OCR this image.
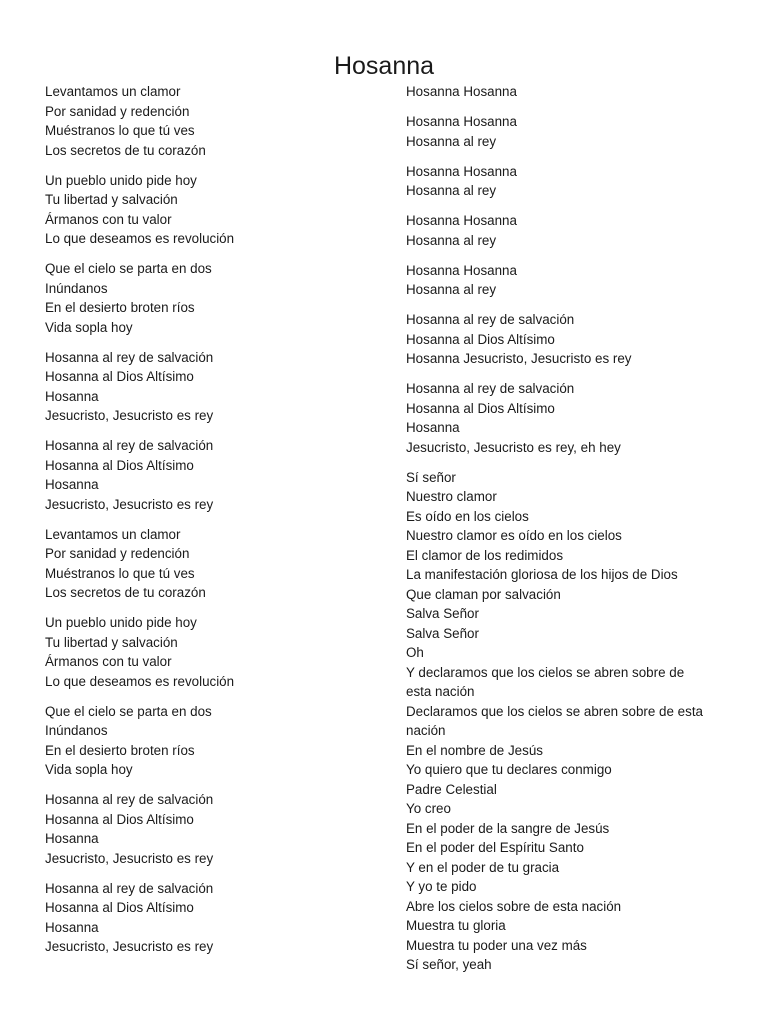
Hosanna
Levantamos un clamor
Por sanidad y redención
Muéstranos lo que tú ves
Los secretos de tu corazón
Un pueblo unido pide hoy
Tu libertad y salvación
Ármanos con tu valor
Lo que deseamos es revolución
Que el cielo se parta en dos
Inúndanos
En el desierto broten ríos
Vida sopla hoy
Hosanna al rey de salvación
Hosanna al Dios Altísimo
Hosanna
Jesucristo, Jesucristo es rey
Hosanna al rey de salvación
Hosanna al Dios Altísimo
Hosanna
Jesucristo, Jesucristo es rey
Levantamos un clamor
Por sanidad y redención
Muéstranos lo que tú ves
Los secretos de tu corazón
Un pueblo unido pide hoy
Tu libertad y salvación
Ármanos con tu valor
Lo que deseamos es revolución
Que el cielo se parta en dos
Inúndanos
En el desierto broten ríos
Vida sopla hoy
Hosanna al rey de salvación
Hosanna al Dios Altísimo
Hosanna
Jesucristo, Jesucristo es rey
Hosanna al rey de salvación
Hosanna al Dios Altísimo
Hosanna
Jesucristo, Jesucristo es rey
Hosanna Hosanna
Hosanna Hosanna
Hosanna al rey
Hosanna Hosanna
Hosanna al rey
Hosanna Hosanna
Hosanna al rey
Hosanna Hosanna
Hosanna al rey
Hosanna al rey de salvación
Hosanna al Dios Altísimo
Hosanna Jesucristo, Jesucristo es rey
Hosanna al rey de salvación
Hosanna al Dios Altísimo
Hosanna
Jesucristo, Jesucristo es rey, eh hey
Sí señor
Nuestro clamor
Es oído en los cielos
Nuestro clamor es oído en los cielos
El clamor de los redimidos
La manifestación gloriosa de los hijos de Dios
Que claman por salvación
Salva Señor
Salva Señor
Oh
Y declaramos que los cielos se abren sobre de
esta nación
Declaramos que los cielos se abren sobre de esta
nación
En el nombre de Jesús
Yo quiero que tu declares conmigo
Padre Celestial
Yo creo
En el poder de la sangre de Jesús
En el poder del Espíritu Santo
Y en el poder de tu gracia
Y yo te pido
Abre los cielos sobre de esta nación
Muestra tu gloria
Muestra tu poder una vez más
Sí señor, yeah
